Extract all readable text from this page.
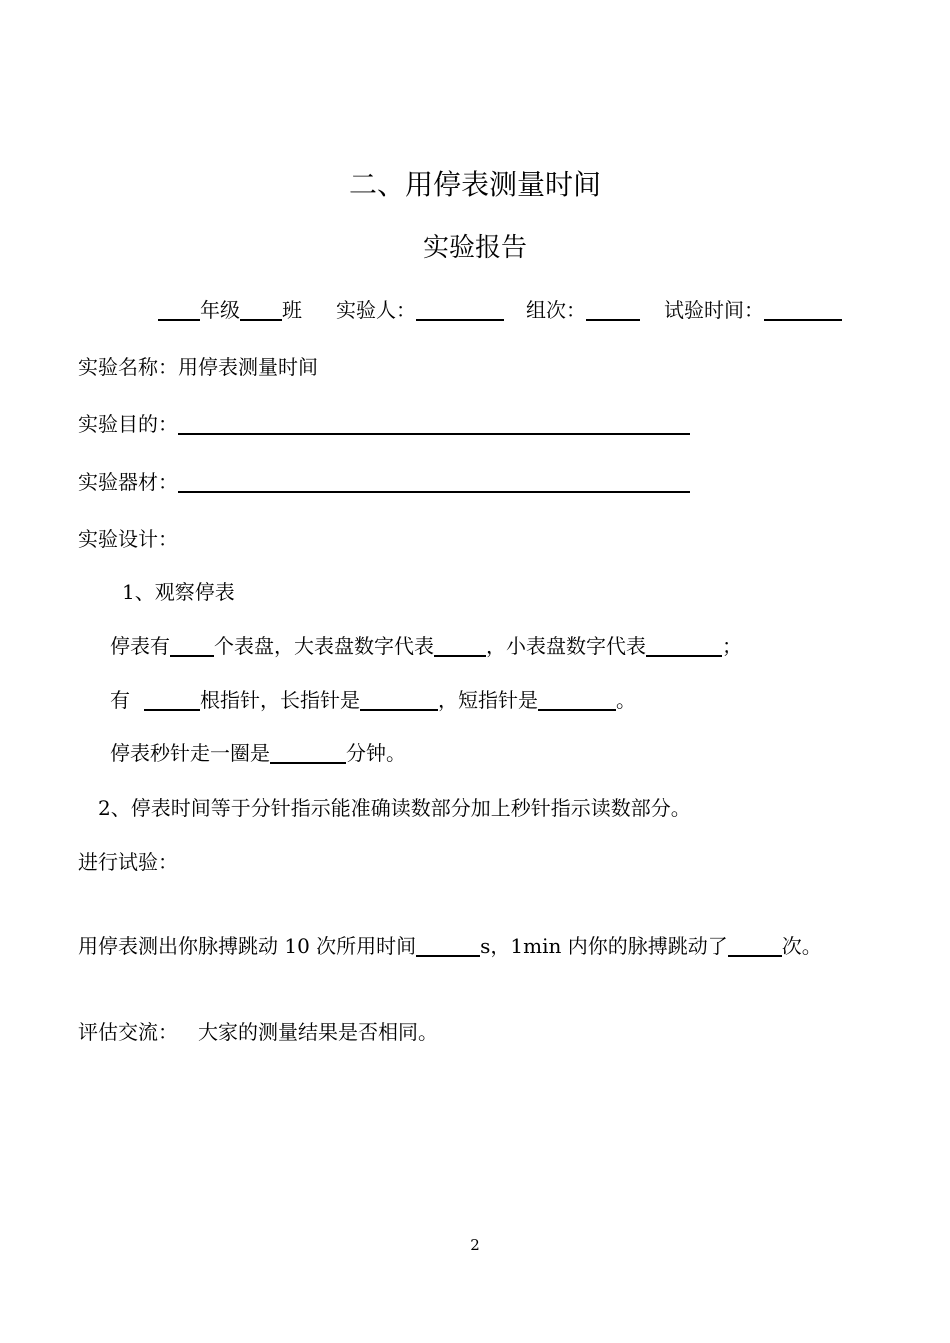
二、用停表测量时间
实验报告
年级 班 实验人：	组次：	试验时间：
实验名称：用停表测量时间
实验目的：
实验器材：
实验设计：
1、观察停表
停表有 个表盘，大表盘数字代表	，小表盘数字代表	；
有	根指针，长指针是	，短指针是	。
停表秒针走一圈是	分钟。
2、停表时间等于分针指示能准确读数部分加上秒针指示读数部分。
进行试验：
用停表测出你脉搏跳动 10 次所用时间	s，1min 内你的脉搏跳动了	次。
评估交流： 大家的测量结果是否相同。
2
